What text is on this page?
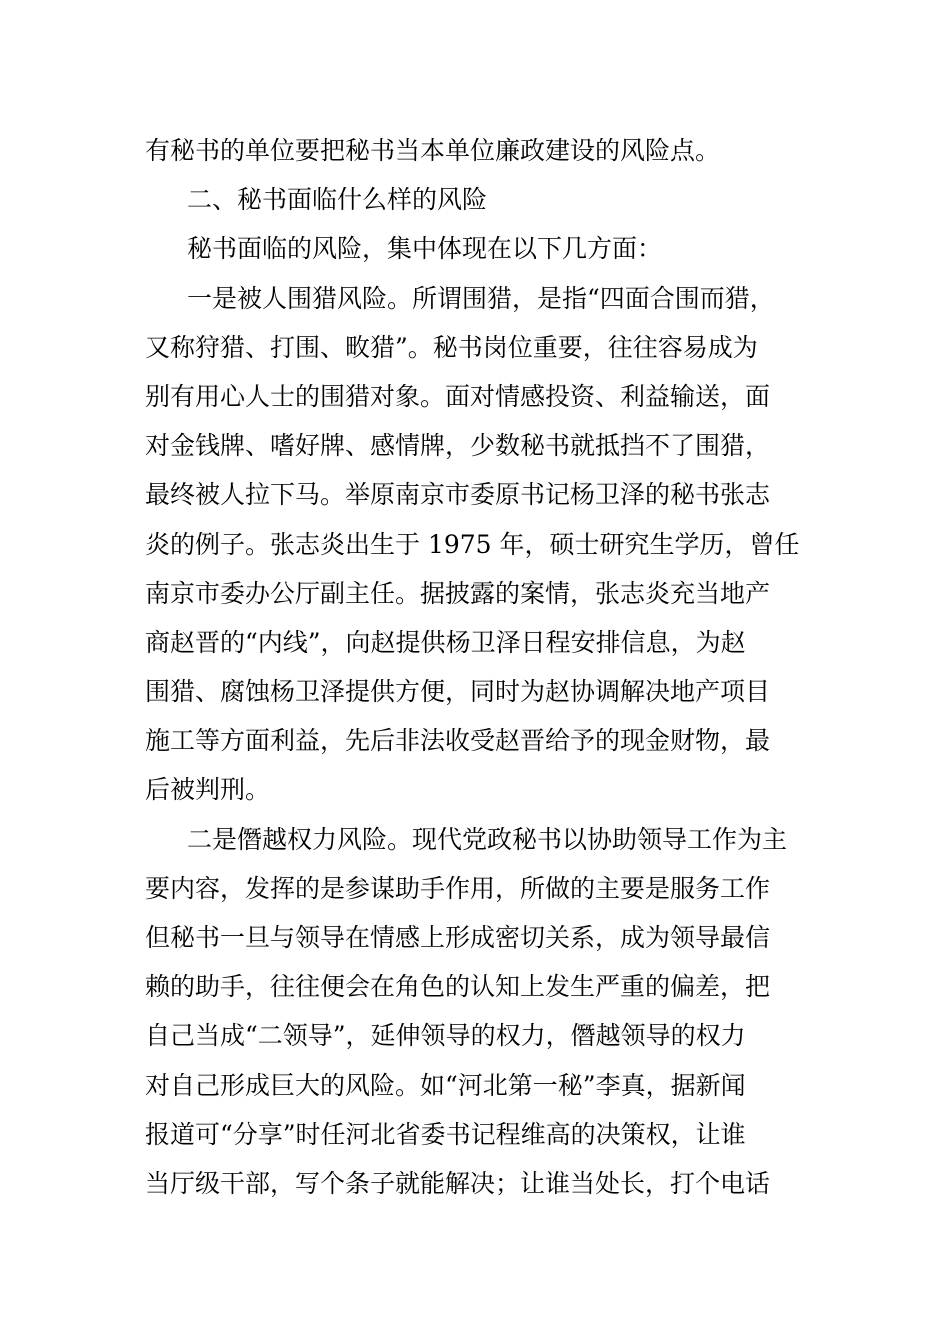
有秘书的单位要把秘书当本单位廉政建设的风险点。
二、秘书面临什么样的风险
秘书面临的风险，集中体现在以下几方面：
一是被人围猎风险。所谓围猎，是指“四面合围而猎，
又称狩猎、打围、畋猎”。秘书岗位重要，往往容易成为
别有用心人士的围猎对象。面对情感投资、利益输送，面
对金钱牌、嗜好牌、感情牌，少数秘书就抵挡不了围猎，
最终被人拉下马。举原南京市委原书记杨卫泽的秘书张志
炎的例子。张志炎出生于 1975 年，硕士研究生学历，曾任
南京市委办公厅副主任。据披露的案情，张志炎充当地产
商赵晋的“内线”，向赵提供杨卫泽日程安排信息，为赵
围猎、腐蚀杨卫泽提供方便，同时为赵协调解决地产项目
施工等方面利益，先后非法收受赵晋给予的现金财物，最
后被判刑。
二是僭越权力风险。现代党政秘书以协助领导工作为主
要内容，发挥的是参谋助手作用，所做的主要是服务工作
但秘书一旦与领导在情感上形成密切关系，成为领导最信
赖的助手，往往便会在角色的认知上发生严重的偏差，把
自己当成“二领导”，延伸领导的权力，僭越领导的权力
对自己形成巨大的风险。如“河北第一秘”李真，据新闻
报道可“分享”时任河北省委书记程维高的决策权，让谁
当厅级干部，写个条子就能解决；让谁当处长，打个电话
